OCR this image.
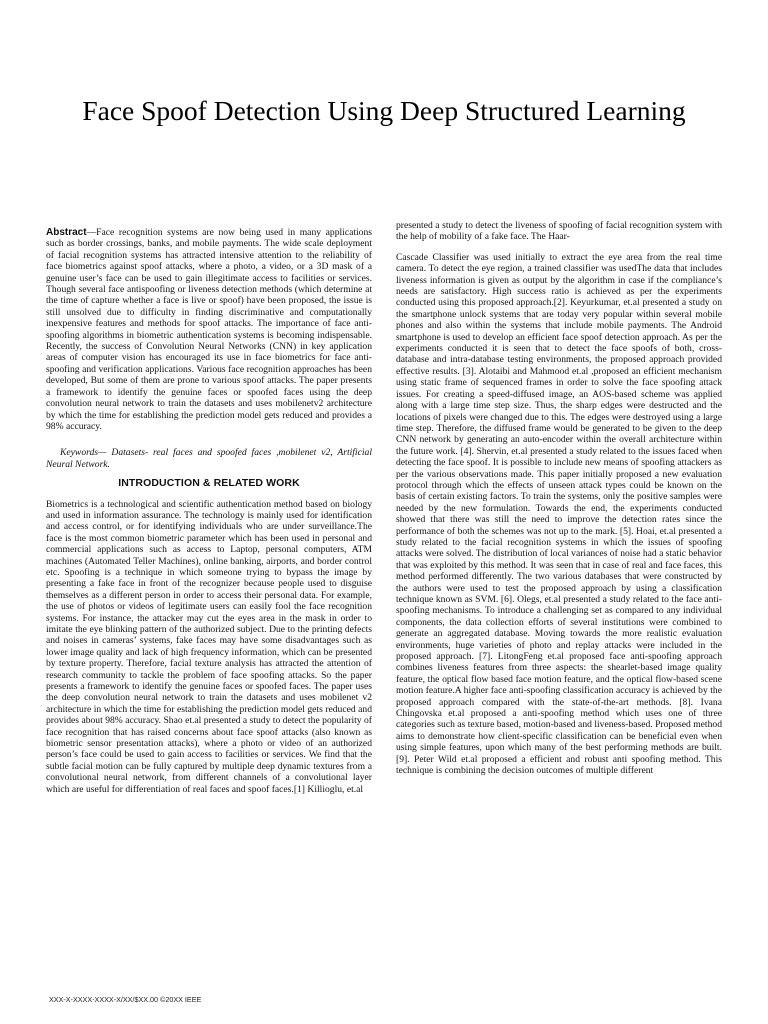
Face Spoof Detection Using Deep Structured Learning

Abstract—Face recognition systems are now being used in many applications such as border crossings, banks, and mobile payments. The wide scale deployment of facial recognition systems has attracted intensive attention to the reliability of face biometrics against spoof attacks, where a photo, a video, or a 3D mask of a genuine user’s face can be used to gain illegitimate access to facilities or services. Though several face antispoofing or liveness detection methods (which determine at the time of capture whether a face is live or spoof) have been proposed, the issue is still unsolved due to difficulty in finding discriminative and computationally inexpensive features and methods for spoof attacks. The importance of face anti-spoofing algorithms in biometric authentication systems is becoming indispensable. Recently, the success of Convolution Neural Networks (CNN) in key application areas of computer vision has encouraged its use in face biometrics for face anti-spoofing and verification applications. Various face recognition approaches has been developed, But some of them are prone to various spoof attacks. The paper presents a framework to identify the genuine faces or spoofed faces using the deep convolution neural network to train the datasets and uses mobilenetv2 architecture by which the time for establishing the prediction model gets reduced and provides a 98% accuracy.

Keywords— Datasets- real faces and spoofed faces ,mobilenet v2, Artificial Neural Network.

INTRODUCTION & RELATED WORK

Biometrics is a technological and scientific authentication method based on biology and used in information assurance. The technology is mainly used for identification and access control, or for identifying individuals who are under surveillance.The face is the most common biometric parameter which has been used in personal and commercial applications such as access to Laptop, personal computers, ATM machines (Automated Teller Machines), online banking, airports, and border control etc. Spoofing is a technique in which someone trying to bypass the image by presenting a fake face in front of the recognizer because people used to disguise themselves as a different person in order to access their personal data. For example, the use of photos or videos of legitimate users can easily fool the face recognition systems. For instance, the attacker may cut the eyes area in the mask in order to imitate the eye blinking pattern of the authorized subject. Due to the printing defects and noises in cameras’ systems, fake faces may have some disadvantages such as lower image quality and lack of high frequency information, which can be presented by texture property. Therefore, facial texture analysis has attracted the attention of research community to tackle the problem of face spoofing attacks. So the paper presents a framework to identify the genuine faces or spoofed faces. The paper uses the deep convolution neural network to train the datasets and uses mobilenet v2 architecture in which the time for establishing the prediction model gets reduced and provides about 98% accuracy. Shao et.al presented a study to detect the popularity of face recognition that has raised concerns about face spoof attacks (also known as biometric sensor presentation attacks), where a photo or video of an authorized person’s face could be used to gain access to facilities or services. We find that the subtle facial motion can be fully captured by multiple deep dynamic textures from a convolutional neural network, from different channels of a convolutional layer which are useful for differentiation of real faces and spoof faces.[1] Killioglu, et.al

presented a study to detect the liveness of spoofing of facial recognition system with the help of mobility of a fake face. The Haar-

Cascade Classifier was used initially to extract the eye area from the real time camera. To detect the eye region, a trained classifier was usedThe data that includes liveness information is given as output by the algorithm in case if the compliance’s needs are satisfactory. High success ratio is achieved as per the experiments conducted using this proposed approach.[2]. Keyurkumar, et.al presented a study on the smartphone unlock systems that are today very popular within several mobile phones and also within the systems that include mobile payments. The Android smartphone is used to develop an efficient face spoof detection approach. As per the experiments conducted it is seen that to detect the face spoofs of both, cross-database and intra-database testing environments, the proposed approach provided effective results. [3]. Alotaibi and Mahmood et.al ,proposed an efficient mechanism using static frame of sequenced frames in order to solve the face spoofing attack issues. For creating a speed-diffused image, an AOS-based scheme was applied along with a large time step size. Thus, the sharp edges were destructed and the locations of pixels were changed due to this. The edges were destroyed using a large time step. Therefore, the diffused frame would be generated to be given to the deep CNN network by generating an auto-encoder within the overall architecture within the future work. [4]. Shervin, et.al presented a study related to the issues faced when detecting the face spoof. It is possible to include new means of spoofing attackers as per the various observations made. This paper initially proposed a new evaluation protocol through which the effects of unseen attack types could be known on the basis of certain existing factors. To train the systems, only the positive samples were needed by the new formulation. Towards the end, the experiments conducted showed that there was still the need to improve the detection rates since the performance of both the schemes was not up to the mark. [5]. Hoai, et.al presented a study related to the facial recognition systems in which the issues of spoofing attacks were solved. The distribution of local variances of noise had a static behavior that was exploited by this method. It was seen that in case of real and face faces, this method performed differently. The two various databases that were constructed by the authors were used to test the proposed approach by using a classification technique known as SVM. [6]. Olegs, et.al presented a study related to the face anti-spoofing mechanisms. To introduce a challenging set as compared to any individual components, the data collection efforts of several institutions were combined to generate an aggregated database. Moving towards the more realistic evaluation environments, huge varieties of photo and replay attacks were included in the proposed approach. [7]. LitongFeng et.al proposed face anti-spoofing approach combines liveness features from three aspects: the shearlet-based image quality feature, the optical flow based face motion feature, and the optical flow-based scene motion feature.A higher face anti-spoofing classification accuracy is achieved by the proposed approach compared with the state-of-the-art methods. [8]. Ivana Chingovska et.al proposed a anti-spoofing method which uses one of three categories such as texture based, motion-based and liveness-based. Proposed method aims to demonstrate how client-specific classification can be beneficial even when using simple features, upon which many of the best performing methods are built.[9]. Peter Wild et.al proposed a efficient and robust anti spoofing method. This technique is combining the decision outcomes of multiple different

XXX-X-XXXX-XXXX-X/XX/$XX.00 ©20XX IEEE
